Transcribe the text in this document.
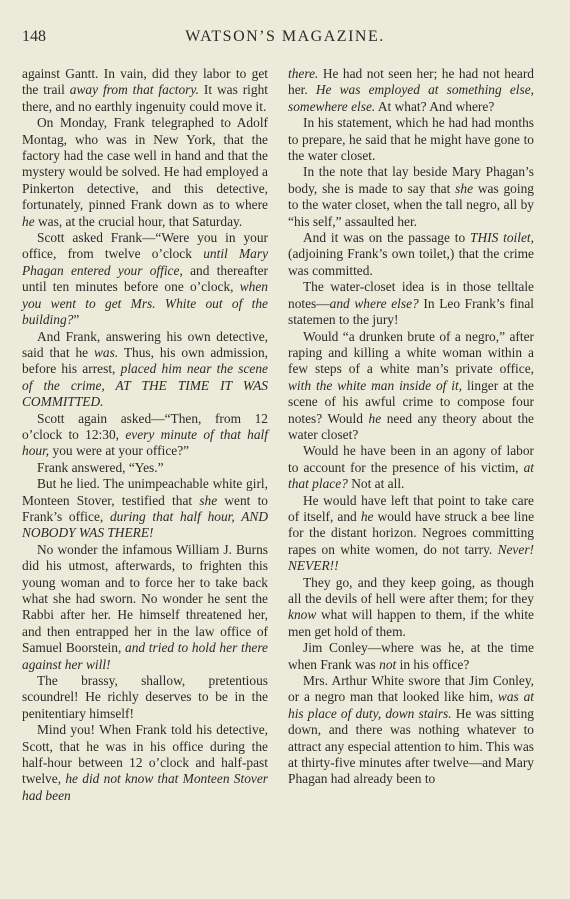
148	WATSON’S MAGAZINE.

against Gantt. In vain, did they labor to get the trail away from that factory. It was right there, and no earthly ingenuity could move it.

On Monday, Frank telegraphed to Adolf Montag, who was in New York, that the factory had the case well in hand and that the mystery would be solved. He had employed a Pinkerton detective, and this detective, fortunately, pinned Frank down as to where he was, at the crucial hour, that Saturday.

Scott asked Frank—“Were you in your office, from twelve o’clock until Mary Phagan entered your office, and thereafter until ten minutes before one o’clock, when you went to get Mrs. White out of the building?”

And Frank, answering his own detective, said that he was. Thus, his own admission, before his arrest, placed him near the scene of the crime, AT THE TIME IT WAS COMMITTED.

Scott again asked—“Then, from 12 o’clock to 12:30, every minute of that half hour, you were at your office?”

Frank answered, “Yes.”

But he lied. The unimpeachable white girl, Monteen Stover, testified that she went to Frank’s office, during that half hour, AND NOBODY WAS THERE!

No wonder the infamous William J. Burns did his utmost, afterwards, to frighten this young woman and to force her to take back what she had sworn. No wonder he sent the Rabbi after her. He himself threatened her, and then entrapped her in the law office of Samuel Boorstein, and tried to hold her there against her will!

The brassy, shallow, pretentious scoundrel! He richly deserves to be in the penitentiary himself!

Mind you! When Frank told his detective, Scott, that he was in his office during the half-hour between 12 o’clock and half-past twelve, he did not know that Monteen Stover had been

there. He had not seen her; he had not heard her. He was employed at something else, somewhere else. At what? And where?

In his statement, which he had had months to prepare, he said that he might have gone to the water closet.

In the note that lay beside Mary Phagan’s body, she is made to say that she was going to the water closet, when the tall negro, all by “his self,” assaulted her.

And it was on the passage to THIS toilet, (adjoining Frank’s own toilet,) that the crime was committed.

The water-closet idea is in those telltale notes—and where else? In Leo Frank’s final statemen to the jury!

Would “a drunken brute of a negro,” after raping and killing a white woman within a few steps of a white man’s private office, with the white man inside of it, linger at the scene of his awful crime to compose four notes? Would he need any theory about the water closet?

Would he have been in an agony of labor to account for the presence of his victim, at that place? Not at all.

He would have left that point to take care of itself, and he would have struck a bee line for the distant horizon. Negroes committing rapes on white women, do not tarry. Never! NEVER!!

They go, and they keep going, as though all the devils of hell were after them; for they know what will happen to them, if the white men get hold of them.

Jim Conley—where was he, at the time when Frank was not in his office?

Mrs. Arthur White swore that Jim Conley, or a negro man that looked like him, was at his place of duty, down stairs. He was sitting down, and there was nothing whatever to attract any especial attention to him. This was at thirty-five minutes after twelve—and Mary Phagan had already been to
